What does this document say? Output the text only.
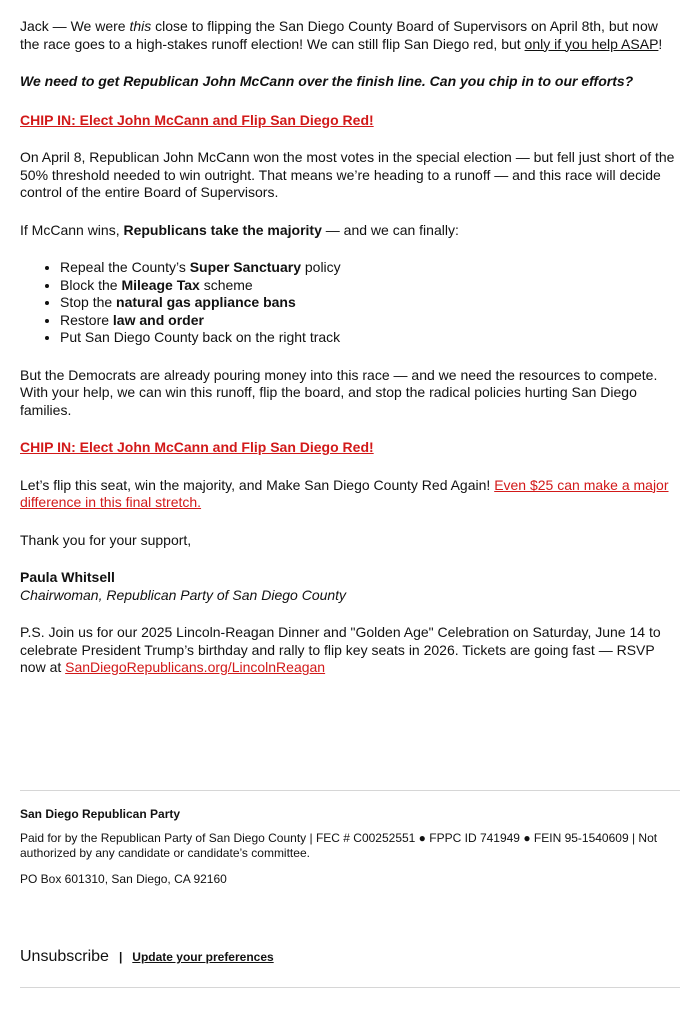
Jack — We were this close to flipping the San Diego County Board of Supervisors on April 8th, but now the race goes to a high-stakes runoff election! We can still flip San Diego red, but only if you help ASAP!

We need to get Republican John McCann over the finish line. Can you chip in to our efforts?

CHIP IN: Elect John McCann and Flip San Diego Red!

On April 8, Republican John McCann won the most votes in the special election — but fell just short of the 50% threshold needed to win outright. That means we’re heading to a runoff — and this race will decide control of the entire Board of Supervisors.

If McCann wins, Republicans take the majority — and we can finally:

• Repeal the County’s Super Sanctuary policy
• Block the Mileage Tax scheme
• Stop the natural gas appliance bans
• Restore law and order
• Put San Diego County back on the right track

But the Democrats are already pouring money into this race — and we need the resources to compete. With your help, we can win this runoff, flip the board, and stop the radical policies hurting San Diego families.

CHIP IN: Elect John McCann and Flip San Diego Red!

Let’s flip this seat, win the majority, and Make San Diego County Red Again! Even $25 can make a major difference in this final stretch.

Thank you for your support,

Paula Whitsell

Chairwoman, Republican Party of San Diego County

P.S. Join us for our 2025 Lincoln-Reagan Dinner and "Golden Age" Celebration on Saturday, June 14 to celebrate President Trump’s birthday and rally to flip key seats in 2026. Tickets are going fast — RSVP now at SanDiegoRepublicans.org/LincolnReagan

San Diego Republican Party
Paid for by the Republican Party of San Diego County | FEC # C00252551 ● FPPC ID 741949 ● FEIN 95-1540609 | Not authorized by any candidate or candidate’s committee.
PO Box 601310, San Diego, CA 92160
Unsubscribe | Update your preferences
